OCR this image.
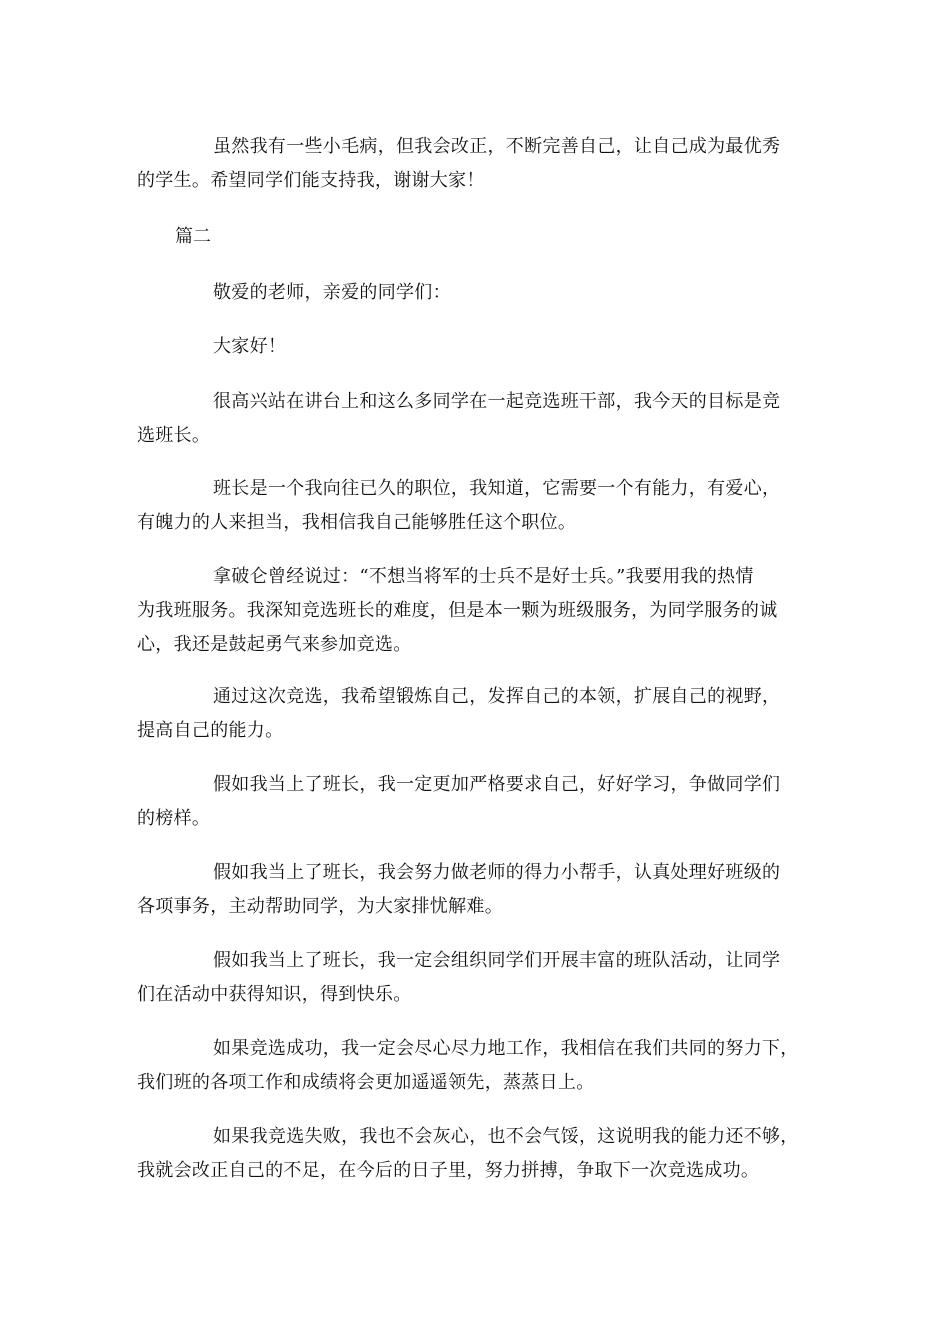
虽然我有一些小毛病，但我会改正，不断完善自己，让自己成为最优秀
的学生。希望同学们能支持我，谢谢大家！

篇二

敬爱的老师，亲爱的同学们：

大家好！

很高兴站在讲台上和这么多同学在一起竞选班干部，我今天的目标是竞
选班长。

班长是一个我向往已久的职位，我知道，它需要一个有能力，有爱心，
有魄力的人来担当，我相信我自己能够胜任这个职位。

拿破仑曾经说过：“不想当将军的士兵不是好士兵。”我要用我的热情
为我班服务。我深知竞选班长的难度，但是本一颗为班级服务，为同学服务的诚
心，我还是鼓起勇气来参加竞选。

通过这次竞选，我希望锻炼自己，发挥自己的本领，扩展自己的视野，
提高自己的能力。

假如我当上了班长，我一定更加严格要求自己，好好学习，争做同学们
的榜样。

假如我当上了班长，我会努力做老师的得力小帮手，认真处理好班级的
各项事务，主动帮助同学，为大家排忧解难。

假如我当上了班长，我一定会组织同学们开展丰富的班队活动，让同学
们在活动中获得知识，得到快乐。

如果竞选成功，我一定会尽心尽力地工作，我相信在我们共同的努力下，
我们班的各项工作和成绩将会更加遥遥领先，蒸蒸日上。

如果我竞选失败，我也不会灰心，也不会气馁，这说明我的能力还不够，
我就会改正自己的不足，在今后的日子里，努力拼搏，争取下一次竞选成功。
